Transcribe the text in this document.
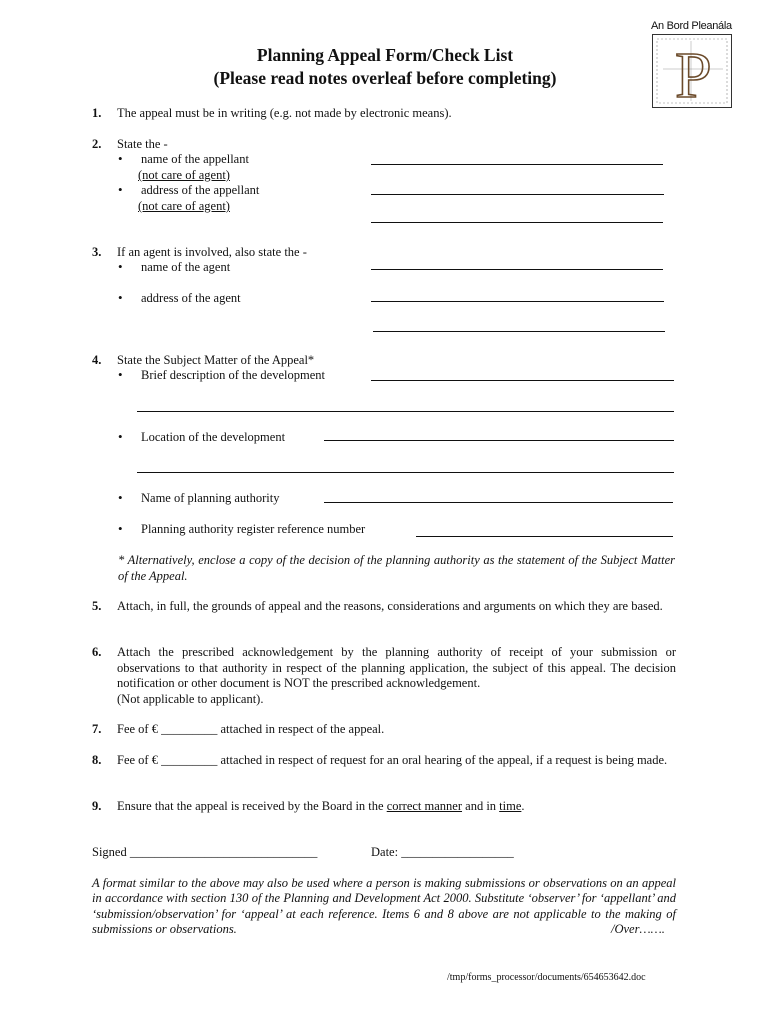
An Bord Pleanála
P
Planning Appeal Form/Check List
(Please read notes overleaf before completing)
1. The appeal must be in writing (e.g. not made by electronic means).
2. State the -
• name of the appellant
(not care of agent)
• address of the appellant
(not care of agent)
3. If an agent is involved, also state the -
• name of the agent
• address of the agent
4. State the Subject Matter of the Appeal*
• Brief description of the development
• Location of the development
• Name of planning authority
• Planning authority register reference number
* Alternatively, enclose a copy of the decision of the planning authority as the statement of the Subject Matter of the Appeal.
5. Attach, in full, the grounds of appeal and the reasons, considerations and arguments on which they are based.
6. Attach the prescribed acknowledgement by the planning authority of receipt of your submission or observations to that authority in respect of the planning application, the subject of this appeal. The decision notification or other document is NOT the prescribed acknowledgement.
(Not applicable to applicant).
7. Fee of € _________ attached in respect of the appeal.
8. Fee of € _________ attached in respect of request for an oral hearing of the appeal, if a request is being made.
9. Ensure that the appeal is received by the Board in the correct manner and in time.
Signed ______________________________	Date: __________________
A format similar to the above may also be used where a person is making submissions or observations on an appeal in accordance with section 130 of the Planning and Development Act 2000. Substitute ‘observer’ for ‘appellant’ and ‘submission/observation’ for ‘appeal’ at each reference. Items 6 and 8 above are not applicable to the making of submissions or observations.	/Over…….
/tmp/forms_processor/documents/654653642.doc
